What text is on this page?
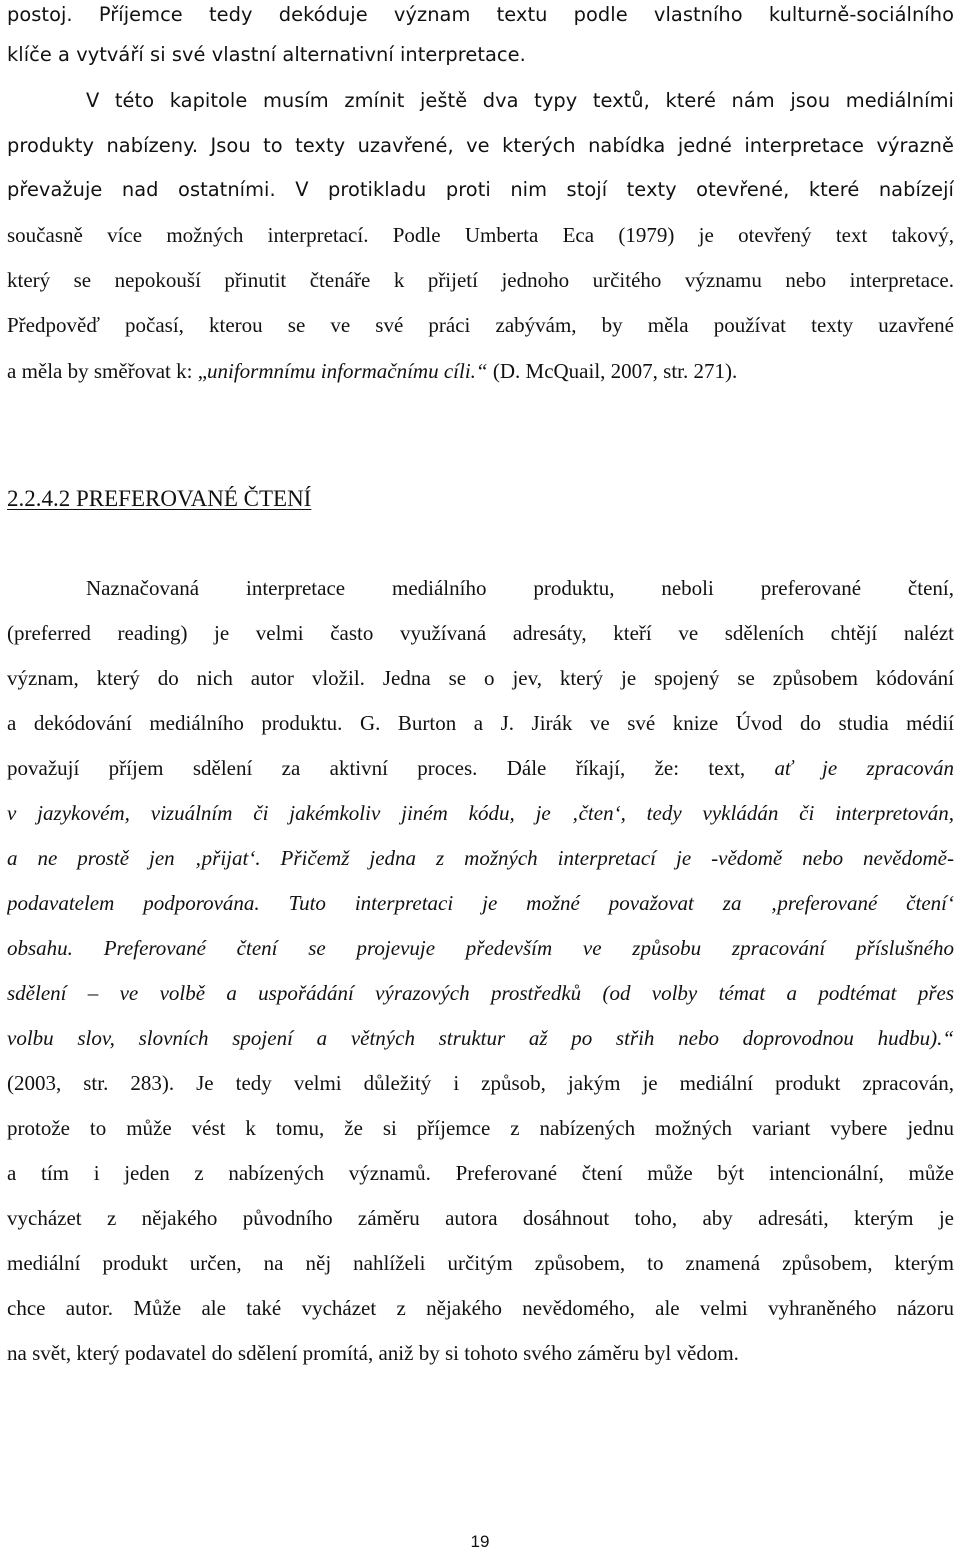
postoj. Příjemce tedy dekóduje význam textu podle vlastního kulturně-sociálního
klíče a vytváří si své vlastní alternativní interpretace.
V této kapitole musím zmínit ještě dva typy textů, které nám jsou mediálními
produkty nabízeny. Jsou to texty uzavřené, ve kterých nabídka jedné interpretace výrazně
převažuje nad ostatními. V protikladu proti nim stojí texty otevřené, které nabízejí
současně více možných interpretací. Podle Umberta Eca (1979) je otevřený text takový,
který se nepokouší přinutit čtenáře k přijetí jednoho určitého významu nebo interpretace.
Předpověď počasí, kterou se ve své práci zabývám, by měla používat texty uzavřené
a měla by směřovat k: „uniformnímu informačnímu cíli.“ (D. McQuail, 2007, str. 271).
2.2.4.2 PREFEROVANÉ ČTENÍ
Naznačovaná interpretace mediálního produktu, neboli preferované čtení,
(preferred reading) je velmi často využívaná adresáty, kteří ve sděleních chtějí nalézt
význam, který do nich autor vložil. Jedna se o jev, který je spojený se způsobem kódování
a dekódování mediálního produktu. G. Burton a J. Jirák ve své knize Úvod do studia médií
považují příjem sdělení za aktivní proces. Dále říkají, že: text, ať je zpracován
v jazykovém, vizuálním či jakémkoliv jiném kódu, je ‚čten‘, tedy vykládán či interpretován,
a ne prostě jen ‚přijat‘. Přičemž jedna z možných interpretací je -vědomě nebo nevědomě-
podavatelem podporována. Tuto interpretaci je možné považovat za ‚preferované čtení‘
obsahu. Preferované čtení se projevuje především ve způsobu zpracování příslušného
sdělení – ve volbě a uspořádání výrazových prostředků (od volby témat a podtémat přes
volbu slov, slovních spojení a větných struktur až po střih nebo doprovodnou hudbu).“
(2003, str. 283). Je tedy velmi důležitý i způsob, jakým je mediální produkt zpracován,
protože to může vést k tomu, že si příjemce z nabízených možných variant vybere jednu
a tím i jeden z nabízených významů. Preferované čtení může být intencionální, může
vycházet z nějakého původního záměru autora dosáhnout toho, aby adresáti, kterým je
mediální produkt určen, na něj nahlíželi určitým způsobem, to znamená způsobem, kterým
chce autor. Může ale také vycházet z nějakého nevědomého, ale velmi vyhraněného názoru
na svět, který podavatel do sdělení promítá, aniž by si tohoto svého záměru byl vědom.
19
